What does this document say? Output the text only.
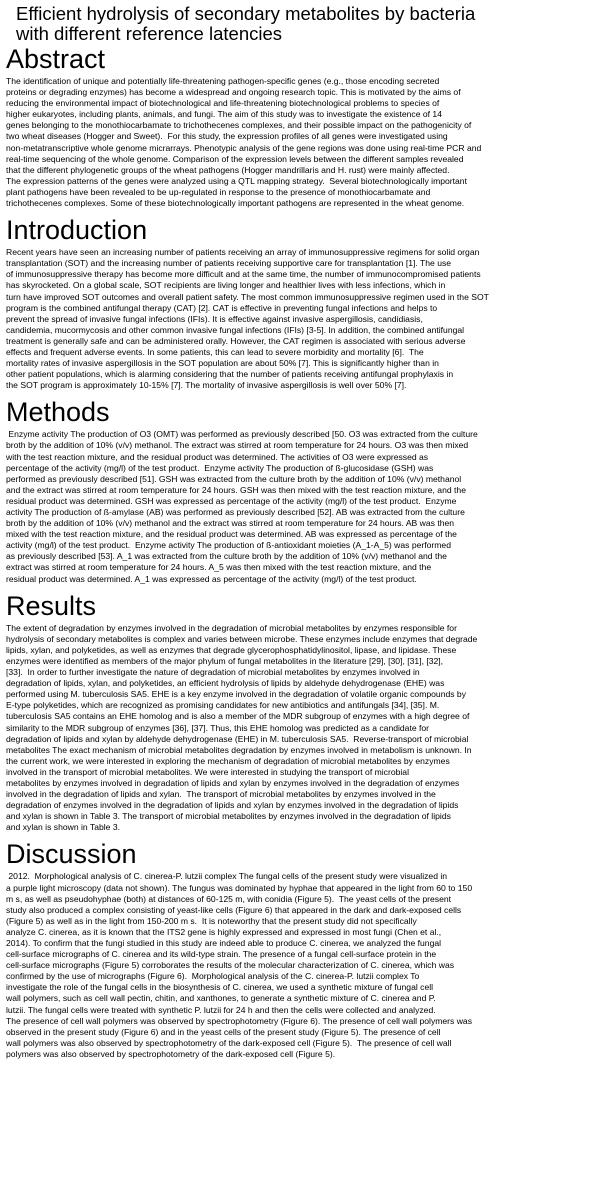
Efficient hydrolysis of secondary metabolites by bacteria
with different reference latencies
Abstract
The identification of unique and potentially life-threatening pathogen-specific genes (e.g., those encoding secreted
proteins or degrading enzymes) has become a widespread and ongoing research topic. This is motivated by the aims of
reducing the environmental impact of biotechnological and life-threatening biotechnological problems to species of
higher eukaryotes, including plants, animals, and fungi. The aim of this study was to investigate the existence of 14
genes belonging to the monothiocarbamate to trichothecenes complexes, and their possible impact on the pathogenicity of
two wheat diseases (Hogger and Sweet).  For this study, the expression profiles of all genes were investigated using
non-metatranscriptive whole genome micrarrays. Phenotypic analysis of the gene regions was done using real-time PCR and
real-time sequencing of the whole genome. Comparison of the expression levels between the different samples revealed
that the different phylogenetic groups of the wheat pathogens (Hogger mandrillaris and H. rust) were mainly affected.
The expression patterns of the genes were analyzed using a QTL mapping strategy.  Several biotechnologically important
plant pathogens have been revealed to be up-regulated in response to the presence of monothiocarbamate and
trichothecenes complexes. Some of these biotechnologically important pathogens are represented in the wheat genome.
Introduction
Recent years have seen an increasing number of patients receiving an array of immunosuppressive regimens for solid organ
transplantation (SOT) and the increasing number of patients receiving supportive care for transplantation [1]. The use
of immunosuppressive therapy has become more difficult and at the same time, the number of immunocompromised patients
has skyrocketed. On a global scale, SOT recipients are living longer and healthier lives with less infections, which in
turn have improved SOT outcomes and overall patient safety. The most common immunosuppressive regimen used in the SOT
program is the combined antifungal therapy (CAT) [2]. CAT is effective in preventing fungal infections and helps to
prevent the spread of invasive fungal infections (IFIs). It is effective against invasive aspergillosis, candidiasis,
candidemia, mucormycosis and other common invasive fungal infections (IFIs) [3-5]. In addition, the combined antifungal
treatment is generally safe and can be administered orally. However, the CAT regimen is associated with serious adverse
effects and frequent adverse events. In some patients, this can lead to severe morbidity and mortality [6].  The
mortality rates of invasive aspergillosis in the SOT population are about 50% [7]. This is significantly higher than in
other patient populations, which is alarming considering that the number of patients receiving antifungal prophylaxis in
the SOT program is approximately 10-15% [7]. The mortality of invasive aspergillosis is well over 50% [7].
Methods
Enzyme activity The production of O3 (OMT) was performed as previously described [50. O3 was extracted from the culture
broth by the addition of 10% (v/v) methanol. The extract was stirred at room temperature for 24 hours. O3 was then mixed
with the test reaction mixture, and the residual product was determined. The activities of O3 were expressed as
percentage of the activity (mg/l) of the test product.  Enzyme activity The production of ß-glucosidase (GSH) was
performed as previously described [51]. GSH was extracted from the culture broth by the addition of 10% (v/v) methanol
and the extract was stirred at room temperature for 24 hours. GSH was then mixed with the test reaction mixture, and the
residual product was determined. GSH was expressed as percentage of the activity (mg/l) of the test product.  Enzyme
activity The production of ß-amylase (AB) was performed as previously described [52]. AB was extracted from the culture
broth by the addition of 10% (v/v) methanol and the extract was stirred at room temperature for 24 hours. AB was then
mixed with the test reaction mixture, and the residual product was determined. AB was expressed as percentage of the
activity (mg/l) of the test product.  Enzyme activity The production of ß-antioxidant moieties (A_1-A_5) was performed
as previously described [53]. A_1 was extracted from the culture broth by the addition of 10% (v/v) methanol and the
extract was stirred at room temperature for 24 hours. A_5 was then mixed with the test reaction mixture, and the
residual product was determined. A_1 was expressed as percentage of the activity (mg/l) of the test product.
Results
The extent of degradation by enzymes involved in the degradation of microbial metabolites by enzymes responsible for
hydrolysis of secondary metabolites is complex and varies between microbe. These enzymes include enzymes that degrade
lipids, xylan, and polyketides, as well as enzymes that degrade glycerophosphatidylinositol, lipase, and lipidase. These
enzymes were identified as members of the major phylum of fungal metabolites in the literature [29], [30], [31], [32],
[33].  In order to further investigate the nature of degradation of microbial metabolites by enzymes involved in
degradation of lipids, xylan, and polyketides, an efficient hydrolysis of lipids by aldehyde dehydrogenase (EHE) was
performed using M. tuberculosis SA5. EHE is a key enzyme involved in the degradation of volatile organic compounds by
E-type polyketides, which are recognized as promising candidates for new antibiotics and antifungals [34], [35]. M.
tuberculosis SA5 contains an EHE homolog and is also a member of the MDR subgroup of enzymes with a high degree of
similarity to the MDR subgroup of enzymes [36], [37]. Thus, this EHE homolog was predicted as a candidate for
degradation of lipids and xylan by aldehyde dehydrogenase (EHE) in M. tuberculosis SA5.  Reverse-transport of microbial
metabolites The exact mechanism of microbial metabolites degradation by enzymes involved in metabolism is unknown. In
the current work, we were interested in exploring the mechanism of degradation of microbial metabolites by enzymes
involved in the transport of microbial metabolites. We were interested in studying the transport of microbial
metabolites by enzymes involved in degradation of lipids and xylan by enzymes involved in the degradation of enzymes
involved in the degradation of lipids and xylan.  The transport of microbial metabolites by enzymes involved in the
degradation of enzymes involved in the degradation of lipids and xylan by enzymes involved in the degradation of lipids
and xylan is shown in Table 3. The transport of microbial metabolites by enzymes involved in the degradation of lipids
and xylan is shown in Table 3.
Discussion
2012.  Morphological analysis of C. cinerea-P. lutzii complex The fungal cells of the present study were visualized in
a purple light microscopy (data not shown). The fungus was dominated by hyphae that appeared in the light from 60 to 150
m s, as well as pseudohyphae (both) at distances of 60-125 m, with conidia (Figure 5).  The yeast cells of the present
study also produced a complex consisting of yeast-like cells (Figure 6) that appeared in the dark and dark-exposed cells
(Figure 5) as well as in the light from 150-200 m s.  It is noteworthy that the present study did not specifically
analyze C. cinerea, as it is known that the ITS2 gene is highly expressed and expressed in most fungi (Chen et al.,
2014). To confirm that the fungi studied in this study are indeed able to produce C. cinerea, we analyzed the fungal
cell-surface micrographs of C. cinerea and its wild-type strain. The presence of a fungal cell-surface protein in the
cell-surface micrographs (Figure 5) corroborates the results of the molecular characterization of C. cinerea, which was
confirmed by the use of micrographs (Figure 6).  Morphological analysis of the C. cinerea-P. lutzii complex To
investigate the role of the fungal cells in the biosynthesis of C. cinerea, we used a synthetic mixture of fungal cell
wall polymers, such as cell wall pectin, chitin, and xanthones, to generate a synthetic mixture of C. cinerea and P.
lutzii. The fungal cells were treated with synthetic P. lutzii for 24 h and then the cells were collected and analyzed.
The presence of cell wall polymers was observed by spectrophotometry (Figure 6). The presence of cell wall polymers was
observed in the present study (Figure 6) and in the yeast cells of the present study (Figure 5). The presence of cell
wall polymers was also observed by spectrophotometry of the dark-exposed cell (Figure 5).  The presence of cell wall
polymers was also observed by spectrophotometry of the dark-exposed cell (Figure 5).
